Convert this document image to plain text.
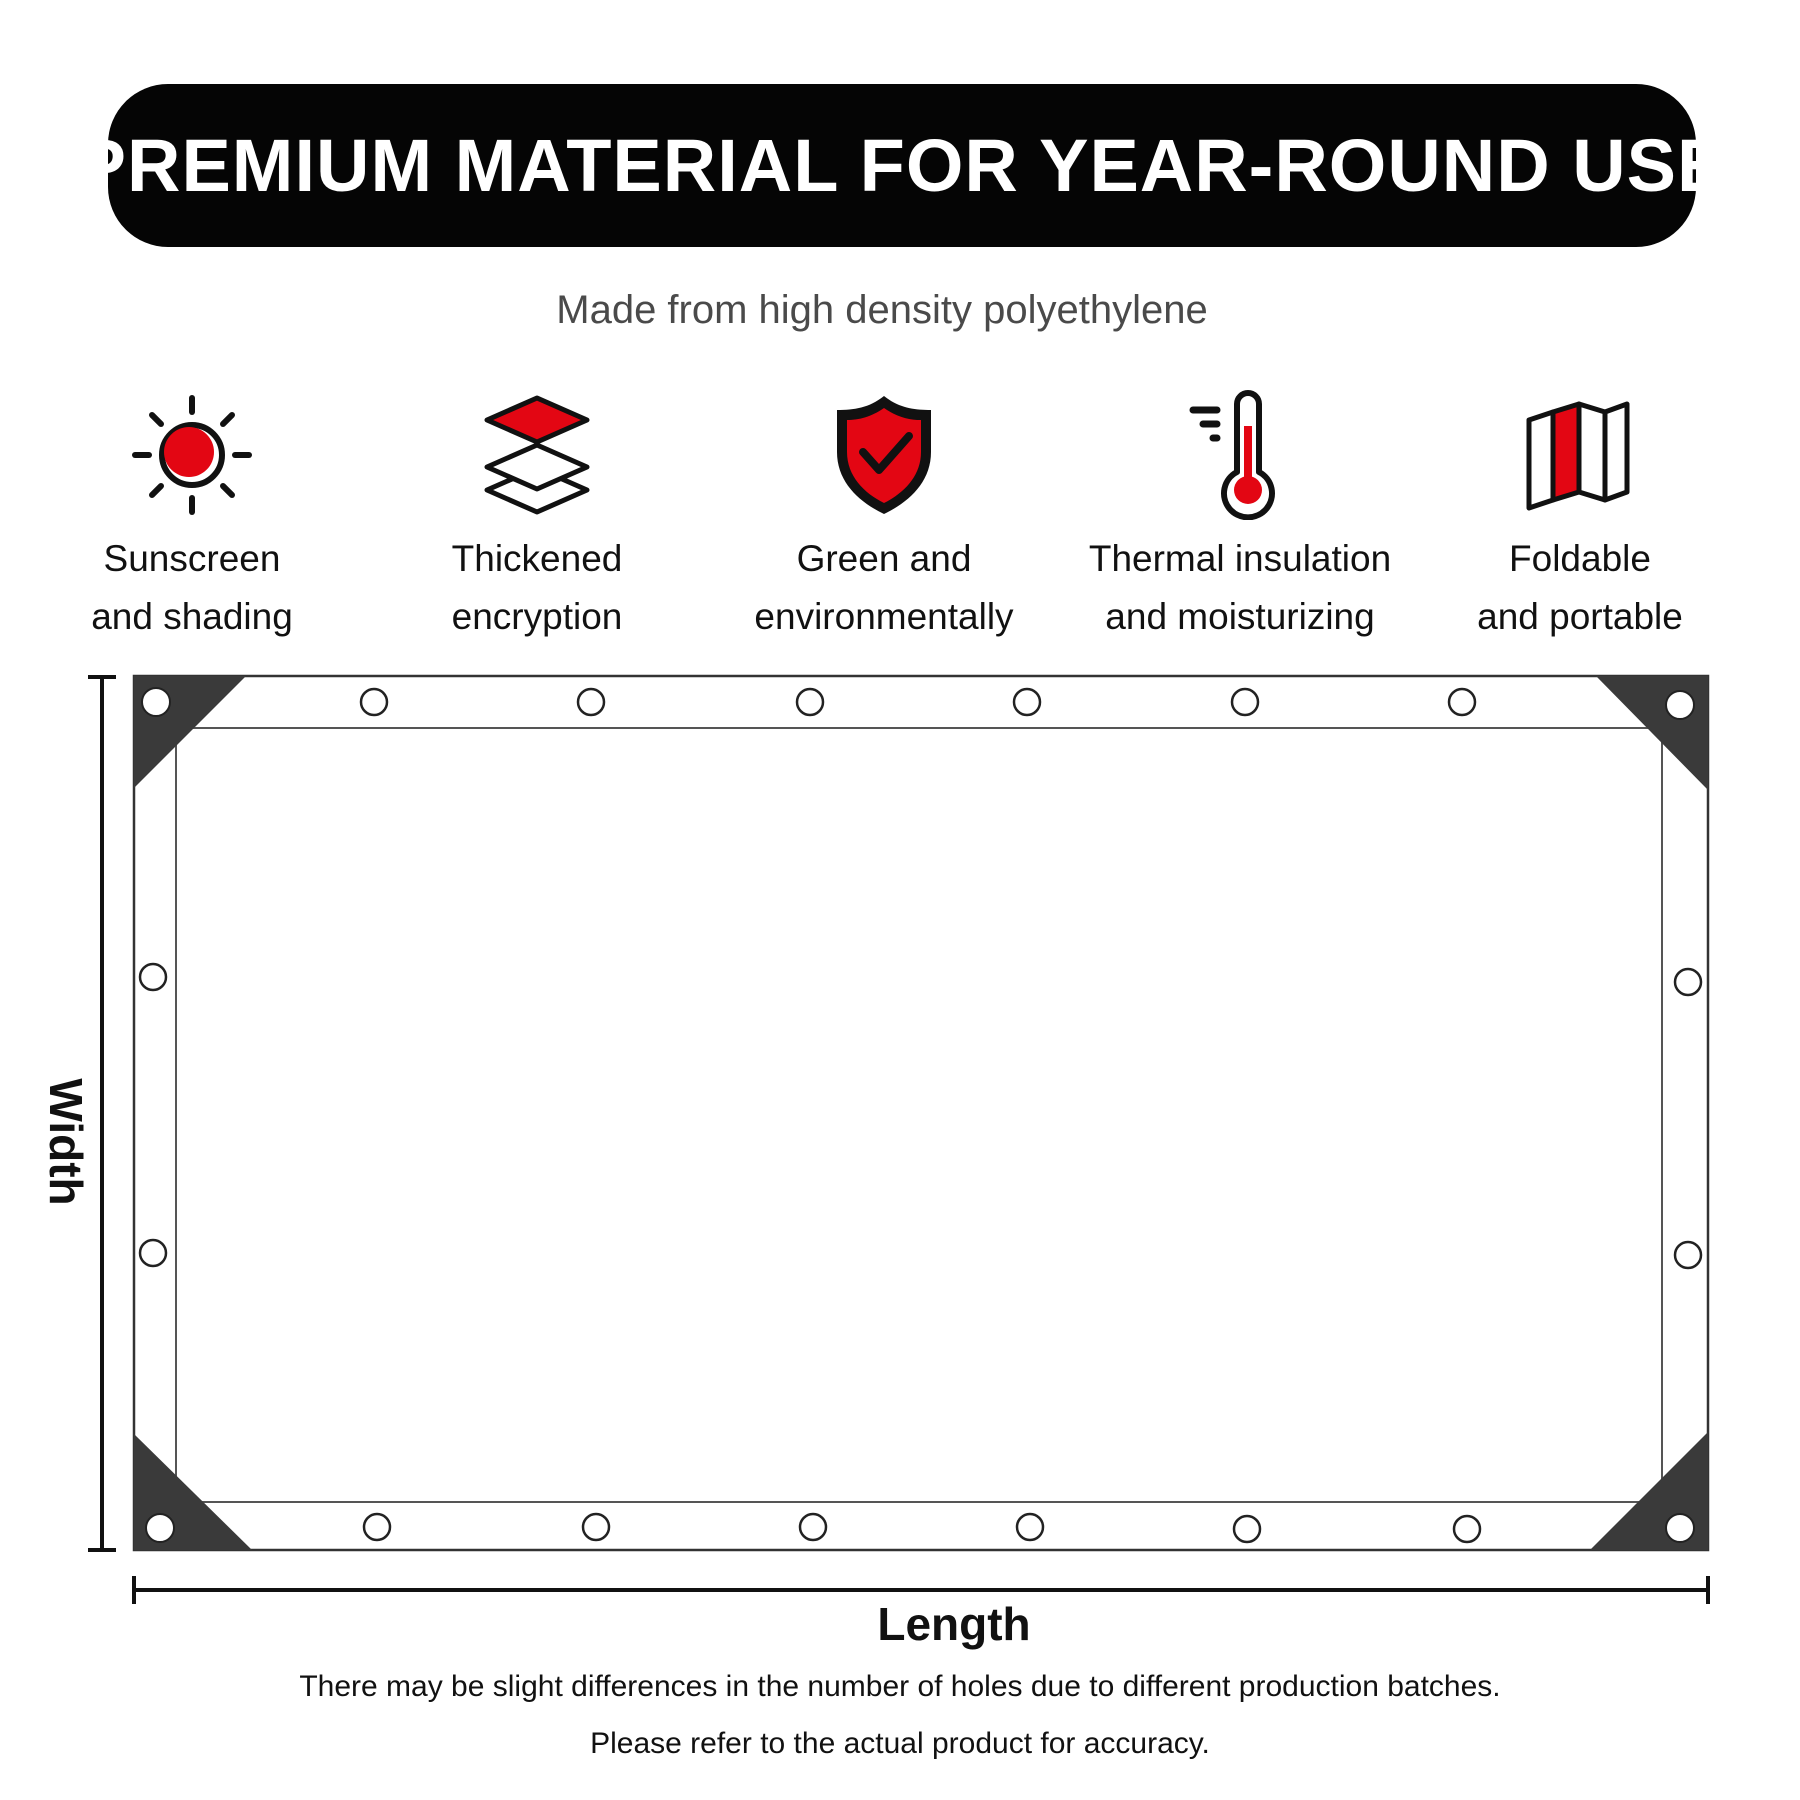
PREMIUM MATERIAL FOR YEAR-ROUND USE
Made from high density polyethylene
Sunscreen
and shading
Thickened
encryption
Green and
environmentally
Thermal insulation
and moisturizing
Foldable
and portable
Length
Width
There may be slight differences in the number of holes due to different production batches.
Please refer to the actual product for accuracy.
